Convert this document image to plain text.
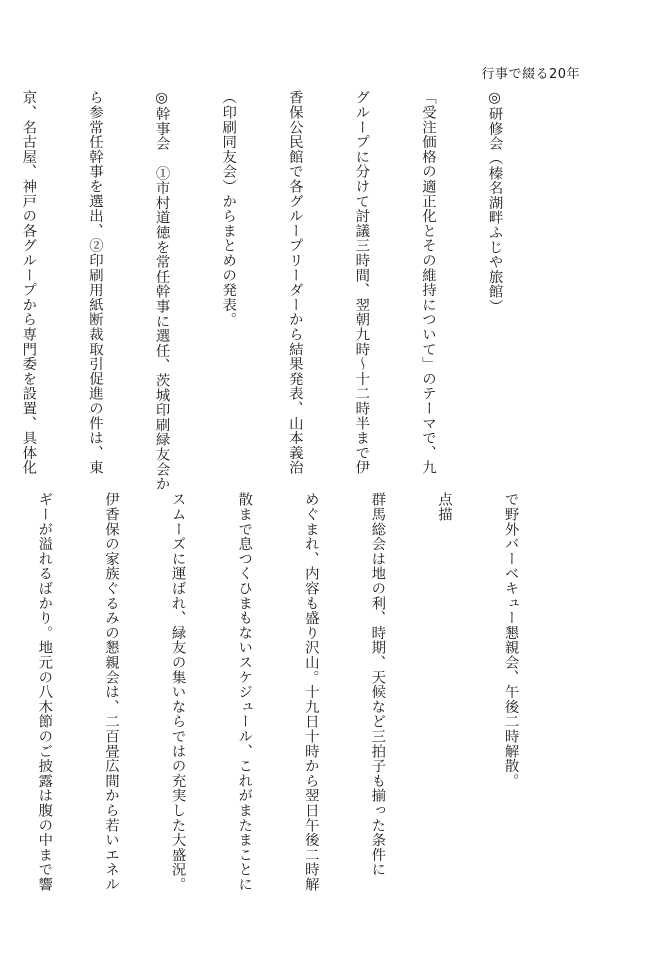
行事で綴る20年

◎研修会（榛名湖畔ふじや旅館）

「受注価格の適正化とその維持について」のテーマで、九

グループに分けて討議三時間、翌朝九時〜十二時半まで伊

香保公民館で各グループリーダーから結果発表、山本義治

（印刷同友会）からまとめの発表。

◎幹事会　①市村道徳を常任幹事に選任、茨城印刷緑友会か

ら参常任幹事を選出、②印刷用紙断裁取引促進の件は、東

京、名古屋、神戸の各グループから専門委を設置、具体化

で野外バーベキュー懇親会、午後二時解散。

点描

群馬総会は地の利、時期、天候など三拍子も揃った条件に

めぐまれ、内容も盛り沢山。十九日十時から翌日午後二時解

散まで息つくひまもないスケジュール、これがまたまことに

スムーズに運ばれ、緑友の集いならではの充実した大盛況。

伊香保の家族ぐるみの懇親会は、二百畳広間から若いエネル

ギーが溢れるばかり。地元の八木節のご披露は腹の中まで響
